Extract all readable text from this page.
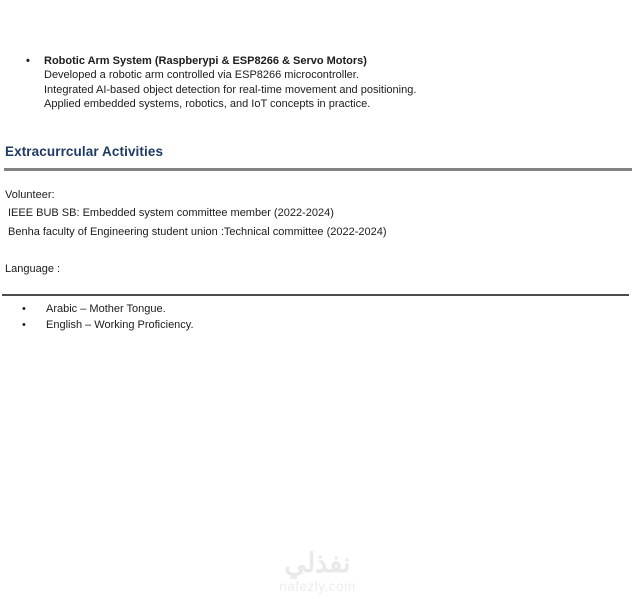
•	Robotic Arm System (Raspberypi & ESP8266 & Servo Motors)
Developed a robotic arm controlled via ESP8266 microcontroller.
Integrated AI-based object detection for real-time movement and positioning.
Applied embedded systems, robotics, and IoT concepts in practice.
Extracurrcular Activities
Volunteer:
IEEE BUB SB: Embedded system committee member (2022-2024)
Benha faculty of Engineering student union :Technical committee (2022-2024)
Language :
•	Arabic – Mother Tongue.
•	English – Working Proficiency.
نفذلي
nafezly.com
